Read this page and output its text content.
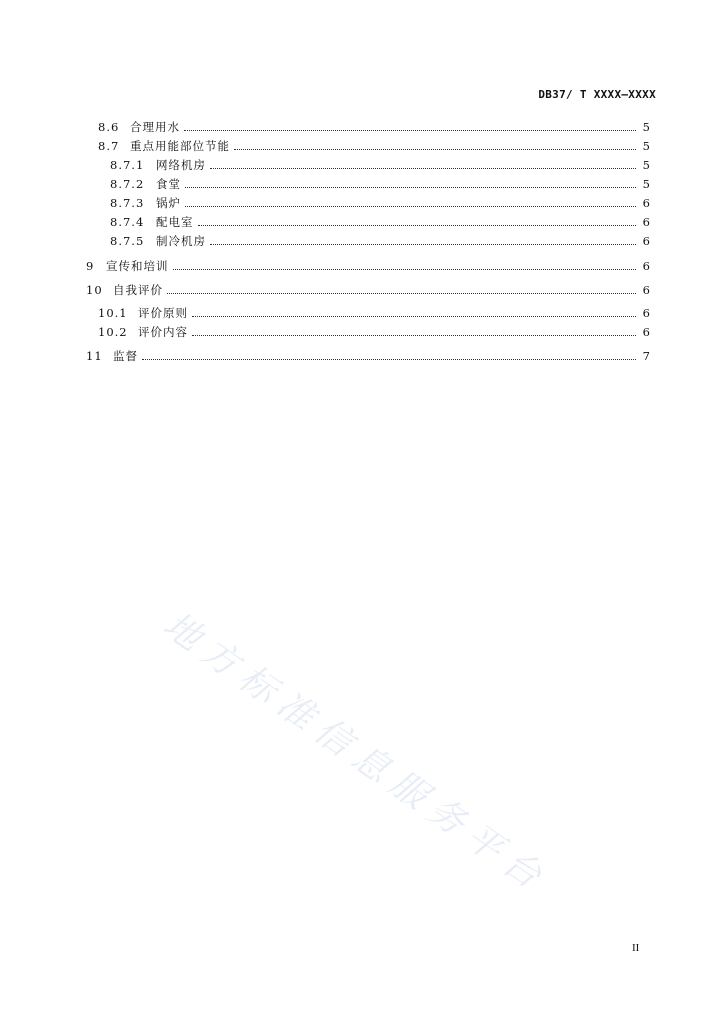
DB37/ T XXXX—XXXX
8.6 合理用水	5
8.7 重点用能部位节能	5
8.7.1	网络机房	5
8.7.2	食堂	5
8.7.3	锅炉	6
8.7.4	配电室	6
8.7.5	制冷机房	6
9	宣传和培训	6
10 自我评价	6
10.1 评价原则	6
10.2 评价内容	6
11 监督	7
地方标准信息服务平台
II
